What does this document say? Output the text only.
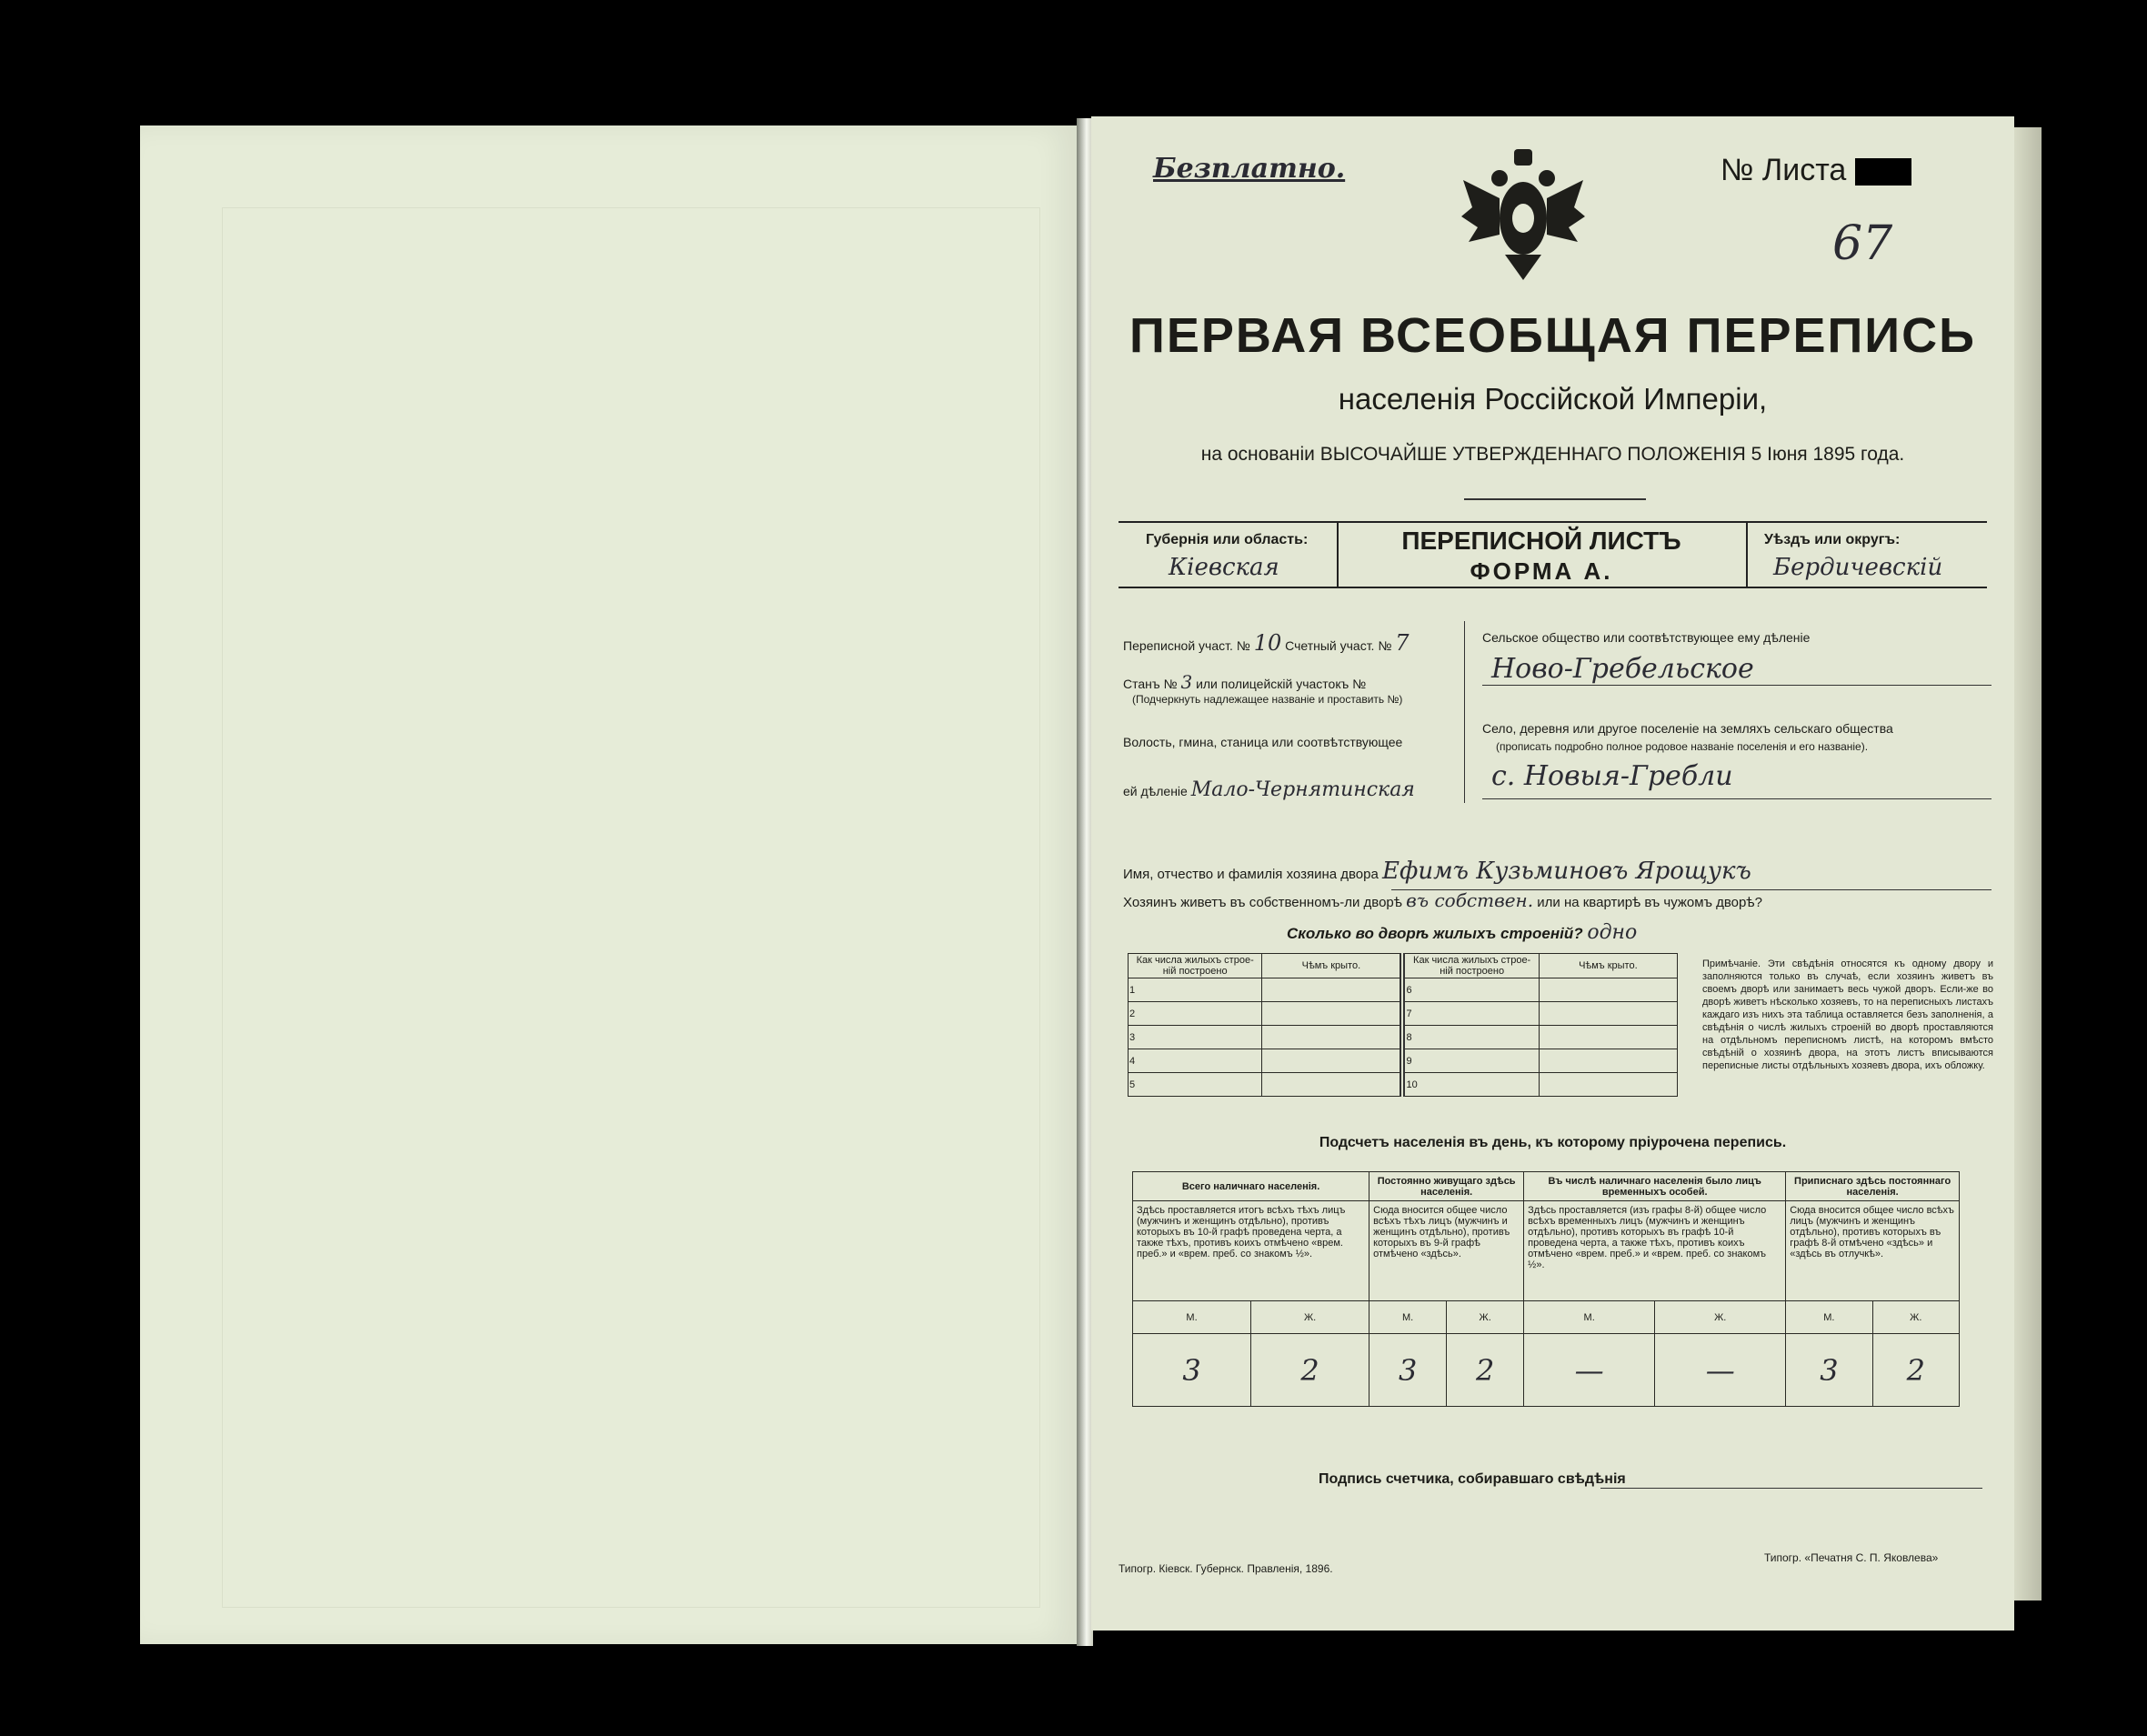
Безплатно.	№ Листа
67
ПЕРВАЯ ВСЕОБЩАЯ ПЕРЕПИСЬ
населенія Россійской Имперіи,
на основаніи ВЫСОЧАЙШЕ УТВЕРЖДЕННАГО ПОЛОЖЕНІЯ 5 Іюня 1895 года.
Губернія или область:
Кіевская
ПЕРЕПИСНОЙ ЛИСТЪ
ФОРМА А.
Уѣздъ или округъ:
Бердичевскій
Переписной участ. № 10 Счетный участ. № 7
Станъ № 3 или полицейскій участокъ №
(Подчеркнуть надлежащее названіе и проставить №)
Волость, гмина, станица или соотвѣтствующее
ей дѣленіе Мало-Чернятинская
Сельское общество или соотвѣтствующее ему дѣленіе
Ново-Гребельское
Село, деревня или другое поселеніе на земляхъ сельскаго общества
(прописать подробно полное родовое названіе поселенія и его названіе).
с. Новыя-Гребли
Имя, отчество и фамилія хозяина двора Ефимъ Кузьминовъ Ярощукъ
Хозяинъ живетъ въ собственномъ-ли дворѣ въ собствен. или на квартирѣ въ чужомъ дворѣ?
Сколько во дворѣ жилыхъ строеній? одно
Как числа жилыхъ строе- ній построено	Чѣмъ крыто.	Как числа жилыхъ строе- ній построено	Чѣмъ крыто.
1		6	
2		7	
3		8	
4		9	
5		10	
Примѣчаніе. Эти свѣдѣнія относятся къ одному двору и заполняются только въ случаѣ, если хозяинъ живетъ въ своемъ дворѣ или занимаетъ весь чужой дворъ. Если-же во дворѣ живетъ нѣсколько хозяевъ, то на переписныхъ листахъ каждаго изъ нихъ эта таблица оставляется безъ заполненія, а свѣдѣнія о числѣ жилыхъ строеній во дворѣ проставляются на отдѣльномъ переписномъ листѣ, на которомъ вмѣсто свѣдѣній о хозяинѣ двора, на этотъ листъ вписываются переписные листы отдѣльныхъ хозяевъ двора, ихъ обложку.
Подсчетъ населенія въ день, къ которому пріурочена перепись.
Всего наличнаго населенія.		Постоянно живущаго здѣсь населенія.		Въ числѣ наличнаго населенія было лицъ временныхъ особей.		Приписнаго здѣсь постояннаго населенія.	
Здѣсь проставляется итогъ всѣхъ тѣхъ лицъ (мужчинъ и женщинъ отдѣльно), противъ которыхъ въ 10-й графѣ проведена черта, а также тѣхъ, противъ коихъ отмѣчено «врем. преб.» и «врем. преб. со знакомъ ½».		Сюда вносится общее число всѣхъ тѣхъ лицъ (мужчинъ и женщинъ отдѣльно), противъ которыхъ въ 9-й графѣ отмѣчено «здѣсь».		Здѣсь проставляется (изъ графы 8-й) общее число всѣхъ временныхъ лицъ (мужчинъ и женщинъ отдѣльно), противъ которыхъ въ графѣ 10-й проведена черта, а также тѣхъ, противъ коихъ отмѣчено «врем. преб.» и «врем. преб. со знакомъ ½».		Сюда вносится общее число всѣхъ лицъ (мужчинъ и женщинъ отдѣльно), противъ которыхъ въ графѣ 8-й отмѣчено «здѣсь» и «здѣсь въ отлучкѣ».	
М.	Ж.	М.	Ж.	М.	Ж.	М.	Ж.
3	2	3	2	—	—	3	2
Подпись счетчика, собиравшаго свѣдѣнія
Типогр. Кіевск. Губернск. Правленія, 1896.
Типогр. «Печатня С. П. Яковлева»
